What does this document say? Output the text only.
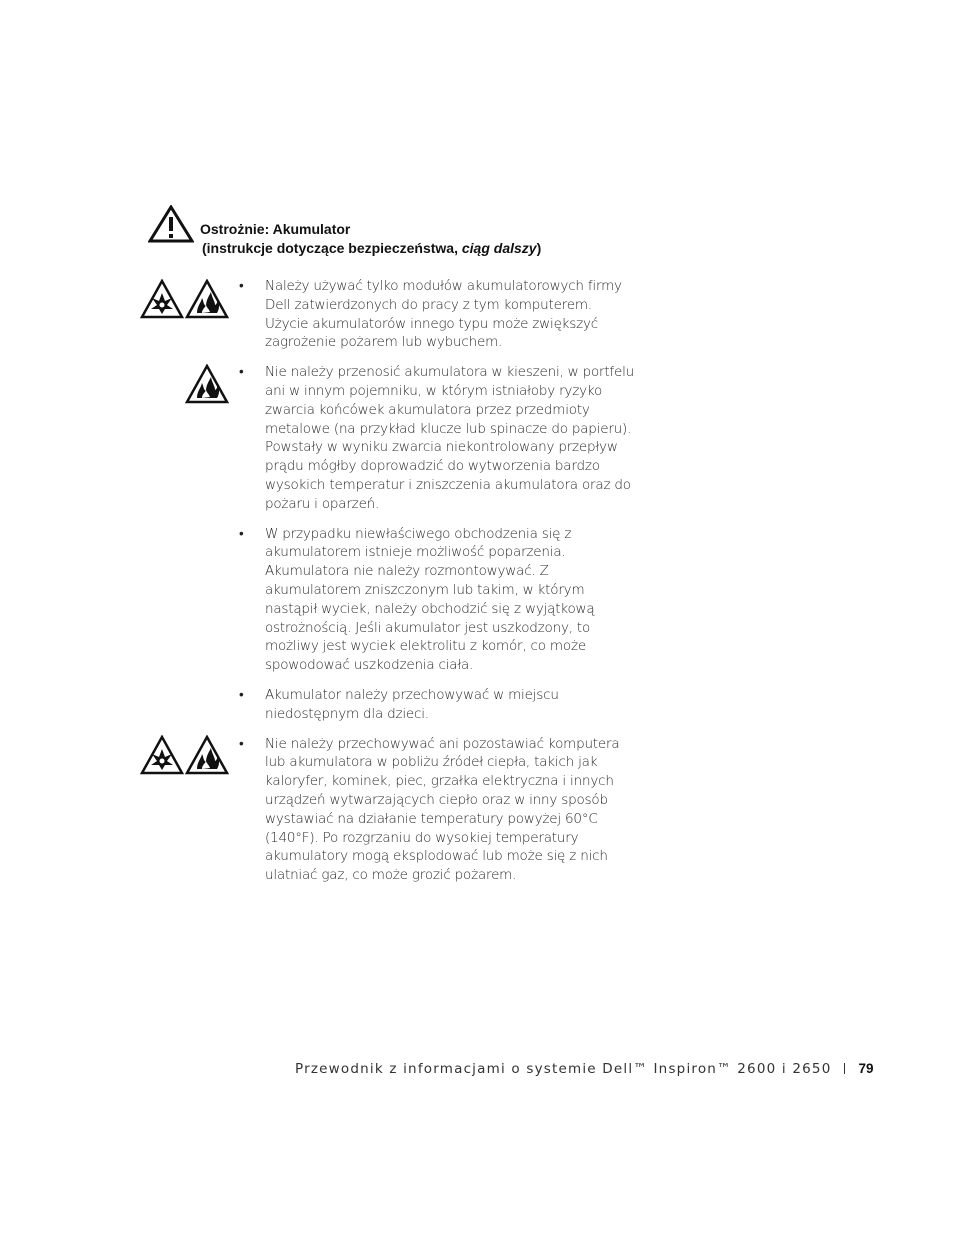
Ostrożnie: Akumulator
(instrukcje dotyczące bezpieczeństwa, ciąg dalszy)
• Należy używać tylko modułów akumulatorowych firmy Dell zatwierdzonych do pracy z tym komputerem. Użycie akumulatorów innego typu może zwiększyć zagrożenie pożarem lub wybuchem.
• Nie należy przenosić akumulatora w kieszeni, w portfelu ani w innym pojemniku, w którym istniałoby ryzyko zwarcia końcówek akumulatora przez przedmioty metalowe (na przykład klucze lub spinacze do papieru). Powstały w wyniku zwarcia niekontrolowany przepływ prądu mógłby doprowadzić do wytworzenia bardzo wysokich temperatur i zniszczenia akumulatora oraz do pożaru i oparzeń.
• W przypadku niewłaściwego obchodzenia się z akumulatorem istnieje możliwość poparzenia. Akumulatora nie należy rozmontowywać. Z akumulatorem zniszczonym lub takim, w którym nastąpił wyciek, należy obchodzić się z wyjątkową ostrożnością. Jeśli akumulator jest uszkodzony, to możliwy jest wyciek elektrolitu z komór, co może spowodować uszkodzenia ciała.
• Akumulator należy przechowywać w miejscu niedostępnym dla dzieci.
• Nie należy przechowywać ani pozostawiać komputera lub akumulatora w pobliżu źródeł ciepła, takich jak kaloryfer, kominek, piec, grzałka elektryczna i innych urządzeń wytwarzających ciepło oraz w inny sposób wystawiać na działanie temperatury powyżej 60°C (140°F). Po rozgrzaniu do wysokiej temperatury akumulatory mogą eksplodować lub może się z nich ulatniać gaz, co może grozić pożarem.
Przewodnik z informacjami o systemie Dell™ Inspiron™ 2600 i 2650 79
